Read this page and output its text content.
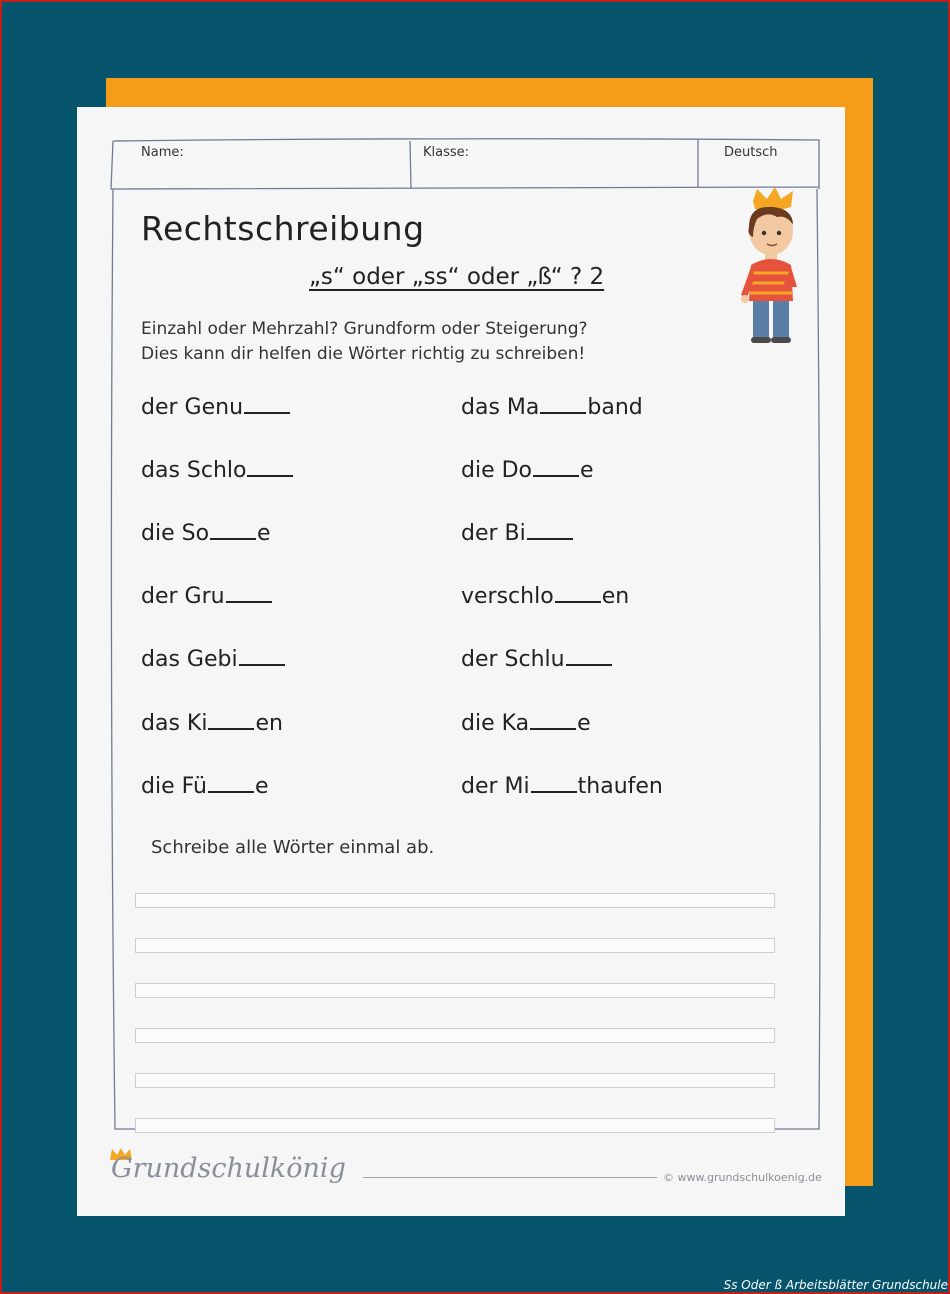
Name:	Klasse:	Deutsch
Rechtschreibung
„s“ oder „ss“ oder „ß“ ? 2
Einzahl oder Mehrzahl? Grundform oder Steigerung?
Dies kann dir helfen die Wörter richtig zu schreiben!
der Genu
das Schlo
die So e
der Gru
das Gebi
das Ki en
die Fü e
das Ma band
die Do e
der Bi
verschlo en
der Schlu
die Ka e
der Mi thaufen
Schreibe alle Wörter einmal ab.
Grundschulkönig	© www.grundschulkoenig.de
Ss Oder ß Arbeitsblätter Grundschule
